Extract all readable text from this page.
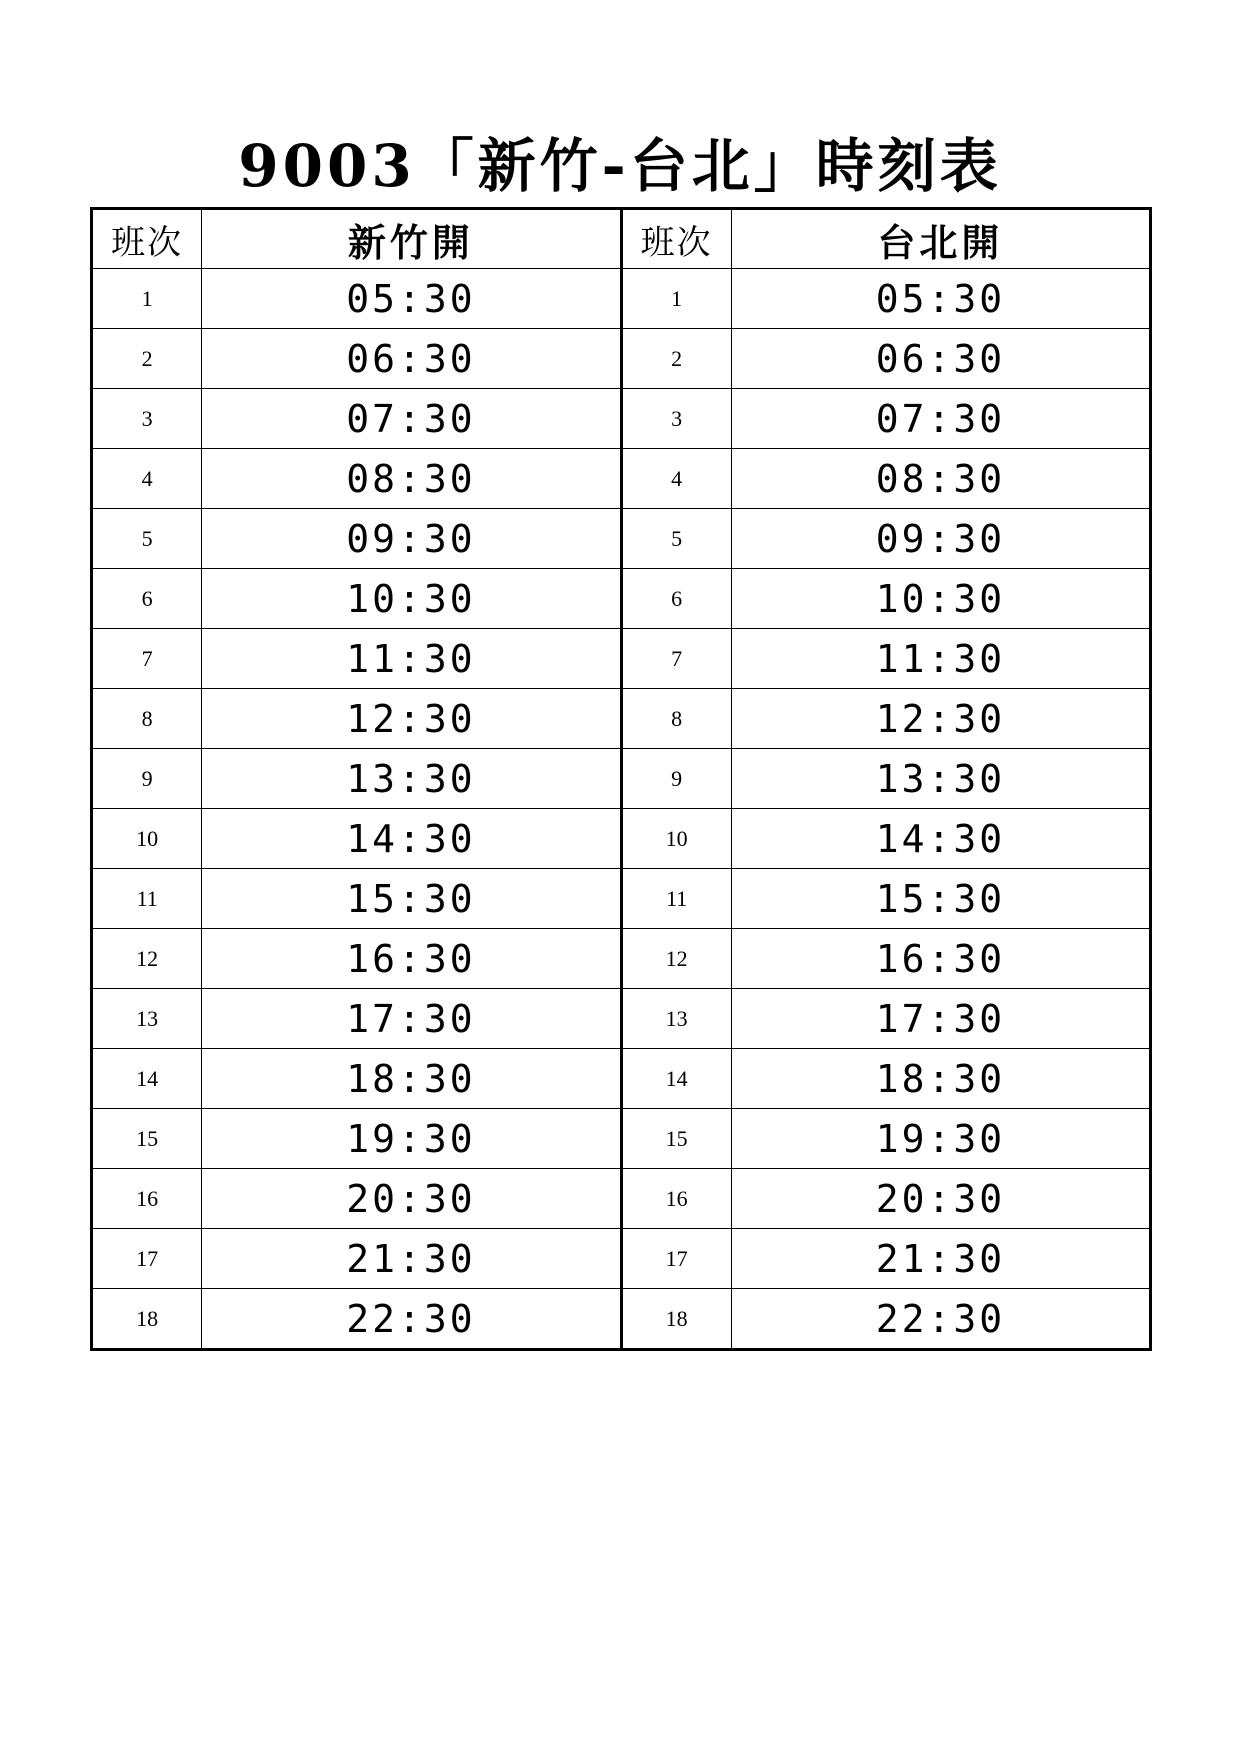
9003「新竹-台北」時刻表
班次	新竹開	班次	台北開
1	05:30	1	05:30
2	06:30	2	06:30
3	07:30	3	07:30
4	08:30	4	08:30
5	09:30	5	09:30
6	10:30	6	10:30
7	11:30	7	11:30
8	12:30	8	12:30
9	13:30	9	13:30
10	14:30	10	14:30
11	15:30	11	15:30
12	16:30	12	16:30
13	17:30	13	17:30
14	18:30	14	18:30
15	19:30	15	19:30
16	20:30	16	20:30
17	21:30	17	21:30
18	22:30	18	22:30
